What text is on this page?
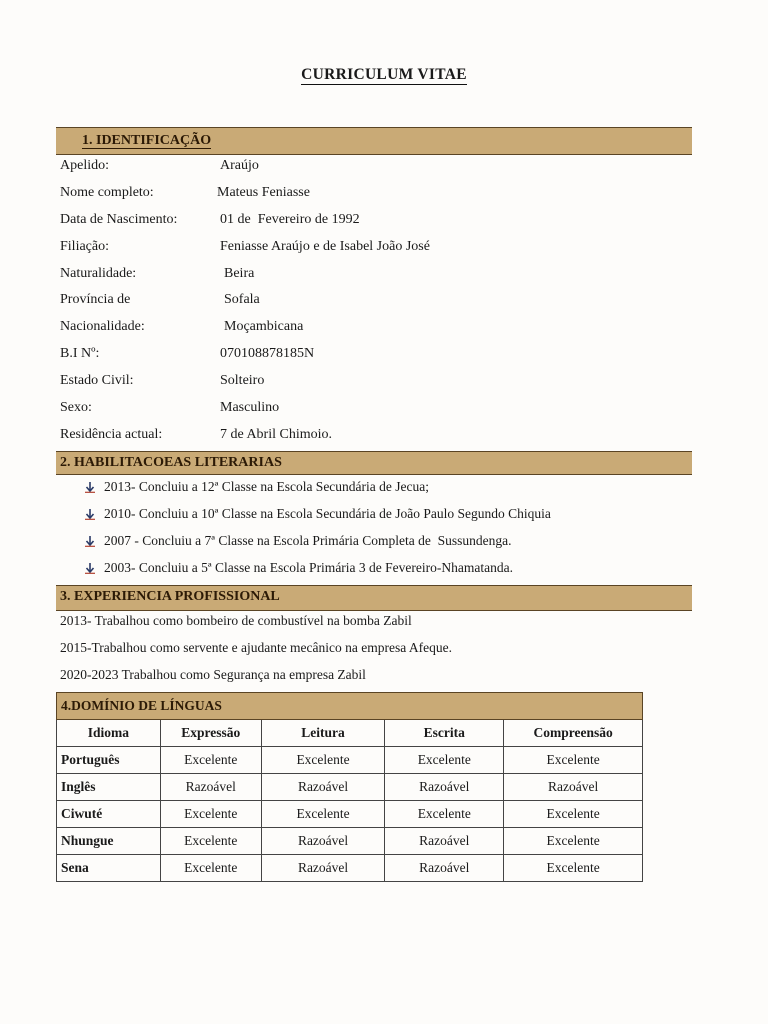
CURRICULUM VITAE
1. IDENTIFICAÇÃO
Apelido:	Araújo
Nome completo:	Mateus Feniasse
Data de Nascimento:	01 de  Fevereiro de 1992
Filiação:	Feniasse Araújo e de Isabel João José
Naturalidade:	Beira
Província de	Sofala
Nacionalidade:	Moçambicana
B.I Nº:	070108878185N
Estado Civil:	Solteiro
Sexo:	Masculino
Residência actual:	7 de Abril Chimoio.
2. HABILITACOEAS LITERARIAS
2013- Concluiu a 12ª Classe na Escola Secundária de Jecua;
2010- Concluiu a 10ª Classe na Escola Secundária de João Paulo Segundo Chiquia
2007 - Concluiu a 7ª Classe na Escola Primária Completa de  Sussundenga.
2003- Concluiu a 5ª Classe na Escola Primária 3 de Fevereiro-Nhamatanda.
3. EXPERIENCIA PROFISSIONAL
2013- Trabalhou como bombeiro de combustível na bomba Zabil
2015-Trabalhou como servente e ajudante mecânico na empresa Afeque.
2020-2023 Trabalhou como Segurança na empresa Zabil
4.DOMÍNIO DE LÍNGUAS				
Idioma	Expressão	Leitura	Escrita	Compreensão
Português	Excelente	Excelente	Excelente	Excelente
Inglês	Razoável	Razoável	Razoável	Razoável
Ciwuté	Excelente	Excelente	Excelente	Excelente
Nhungue	Excelente	Razoável	Razoável	Excelente
Sena	Excelente	Razoável	Razoável	Excelente
